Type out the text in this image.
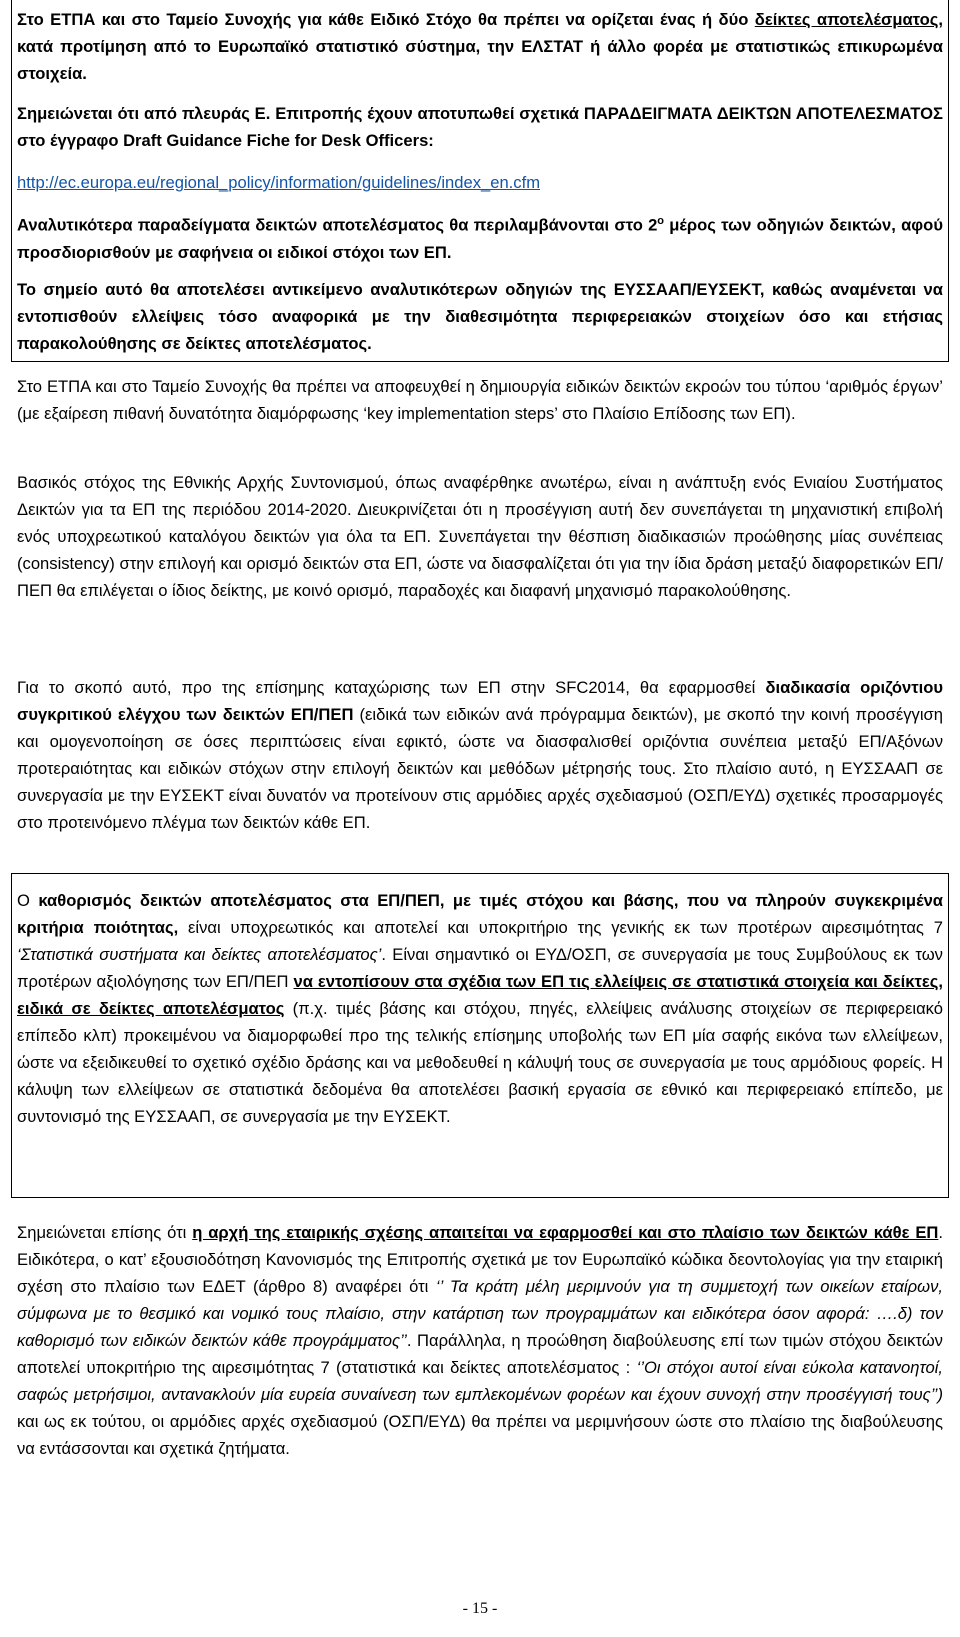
Στο ΕΤΠΑ και στο Ταμείο Συνοχής για κάθε Ειδικό Στόχο θα πρέπει να ορίζεται ένας ή δύο δείκτες αποτελέσματος, κατά προτίμηση από το Ευρωπαϊκό στατιστικό σύστημα, την ΕΛΣΤΑΤ ή άλλο φορέα με στατιστικώς επικυρωμένα στοιχεία.

Σημειώνεται ότι από πλευράς Ε. Επιτροπής έχουν αποτυπωθεί σχετικά ΠΑΡΑΔΕΙΓΜΑΤΑ ΔΕΙΚΤΩΝ ΑΠΟΤΕΛΕΣΜΑΤΟΣ στο έγγραφο Draft Guidance Fiche for Desk Officers:

http://ec.europa.eu/regional_policy/information/guidelines/index_en.cfm

Αναλυτικότερα παραδείγματα δεικτών αποτελέσματος θα περιλαμβάνονται στο $2^o$ μέρος των οδηγιών δεικτών, αφού προσδιορισθούν με σαφήνεια οι ειδικοί στόχοι των ΕΠ.

Το σημείο αυτό θα αποτελέσει αντικείμενο αναλυτικότερων οδηγιών της ΕΥΣΣΑΑΠ/ΕΥΣΕΚΤ, καθώς αναμένεται να εντοπισθούν ελλείψεις τόσο αναφορικά με την διαθεσιμότητα περιφερειακών στοιχείων όσο και ετήσιας παρακολούθησης σε δείκτες αποτελέσματος.

Στο ΕΤΠΑ και στο Ταμείο Συνοχής θα πρέπει να αποφευχθεί η δημιουργία ειδικών δεικτών εκροών του τύπου ‘αριθμός έργων’ (με εξαίρεση πιθανή δυνατότητα διαμόρφωσης ‘key implementation steps’ στο Πλαίσιο Επίδοσης των ΕΠ).

Βασικός στόχος της Εθνικής Αρχής Συντονισμού, όπως αναφέρθηκε ανωτέρω, είναι η ανάπτυξη ενός Ενιαίου Συστήματος Δεικτών για τα ΕΠ της περιόδου 2014-2020. Διευκρινίζεται ότι η προσέγγιση αυτή δεν συνεπάγεται τη μηχανιστική επιβολή ενός υποχρεωτικού καταλόγου δεικτών για όλα τα ΕΠ. Συνεπάγεται την θέσπιση διαδικασιών προώθησης μίας συνέπειας (consistency) στην επιλογή και ορισμό δεικτών στα ΕΠ, ώστε να διασφαλίζεται ότι για την ίδια δράση μεταξύ διαφορετικών ΕΠ/ΠΕΠ θα επιλέγεται ο ίδιος δείκτης, με κοινό ορισμό, παραδοχές και διαφανή μηχανισμό παρακολούθησης.

Για το σκοπό αυτό, προ της επίσημης καταχώρισης των ΕΠ στην SFC2014, θα εφαρμοσθεί διαδικασία οριζόντιου συγκριτικού ελέγχου των δεικτών ΕΠ/ΠΕΠ (ειδικά των ειδικών ανά πρόγραμμα δεικτών), με σκοπό την κοινή προσέγγιση και ομογενοποίηση σε όσες περιπτώσεις είναι εφικτό, ώστε να διασφαλισθεί οριζόντια συνέπεια μεταξύ ΕΠ/Αξόνων προτεραιότητας και ειδικών στόχων στην επιλογή δεικτών και μεθόδων μέτρησής τους. Στο πλαίσιο αυτό, η ΕΥΣΣΑΑΠ σε συνεργασία με την ΕΥΣΕΚΤ είναι δυνατόν να προτείνουν στις αρμόδιες αρχές σχεδιασμού (ΟΣΠ/ΕΥΔ) σχετικές προσαρμογές στο προτεινόμενο πλέγμα των δεικτών κάθε ΕΠ.

Ο καθορισμός δεικτών αποτελέσματος στα ΕΠ/ΠΕΠ, με τιμές στόχου και βάσης, που να πληρούν συγκεκριμένα κριτήρια ποιότητας, είναι υποχρεωτικός και αποτελεί και υποκριτήριο της γενικής εκ των προτέρων αιρεσιμότητας 7 ‘Στατιστικά συστήματα και δείκτες αποτελέσματος’. Είναι σημαντικό οι ΕΥΔ/ΟΣΠ, σε συνεργασία με τους Συμβούλους εκ των προτέρων αξιολόγησης των ΕΠ/ΠΕΠ να εντοπίσουν στα σχέδια των ΕΠ τις ελλείψεις σε στατιστικά στοιχεία και δείκτες, ειδικά σε δείκτες αποτελέσματος (π.χ. τιμές βάσης και στόχου, πηγές, ελλείψεις ανάλυσης στοιχείων σε περιφερειακό επίπεδο κλπ) προκειμένου να διαμορφωθεί προ της τελικής επίσημης υποβολής των ΕΠ μία σαφής εικόνα των ελλείψεων, ώστε να εξειδικευθεί το σχετικό σχέδιο δράσης και να μεθοδευθεί η κάλυψή τους σε συνεργασία με τους αρμόδιους φορείς. Η κάλυψη των ελλείψεων σε στατιστικά δεδομένα θα αποτελέσει βασική εργασία σε εθνικό και περιφερειακό επίπεδο, με συντονισμό της ΕΥΣΣΑΑΠ, σε συνεργασία με την ΕΥΣΕΚΤ.

Σημειώνεται επίσης ότι η αρχή της εταιρικής σχέσης απαιτείται να εφαρμοσθεί και στο πλαίσιο των δεικτών κάθε ΕΠ. Ειδικότερα, ο κατ’ εξουσιοδότηση Κανονισμός της Επιτροπής σχετικά με τον Ευρωπαϊκό κώδικα δεοντολογίας για την εταιρική σχέση στο πλαίσιο των ΕΔΕΤ (άρθρο 8) αναφέρει ότι ‘’ Τα κράτη μέλη μεριμνούν για τη συμμετοχή των οικείων εταίρων, σύμφωνα με το θεσμικό και νομικό τους πλαίσιο, στην κατάρτιση των προγραμμάτων και ειδικότερα όσον αφορά: ….δ) τον καθορισμό των ειδικών δεικτών κάθε προγράμματος’’. Παράλληλα, η προώθηση διαβούλευσης επί των τιμών στόχου δεικτών αποτελεί υποκριτήριο της αιρεσιμότητας 7 (στατιστικά και δείκτες αποτελέσματος : ‘’Οι στόχοι αυτοί είναι εύκολα κατανοητοί, σαφώς μετρήσιμοι, αντανακλούν μία ευρεία συναίνεση των εμπλεκομένων φορέων και έχουν συνοχή στην προσέγγισή τους’’) και ως εκ τούτου, οι αρμόδιες αρχές σχεδιασμού (ΟΣΠ/ΕΥΔ) θα πρέπει να μεριμνήσουν ώστε στο πλαίσιο της διαβούλευσης να εντάσσονται και σχετικά ζητήματα.

- 15 -
